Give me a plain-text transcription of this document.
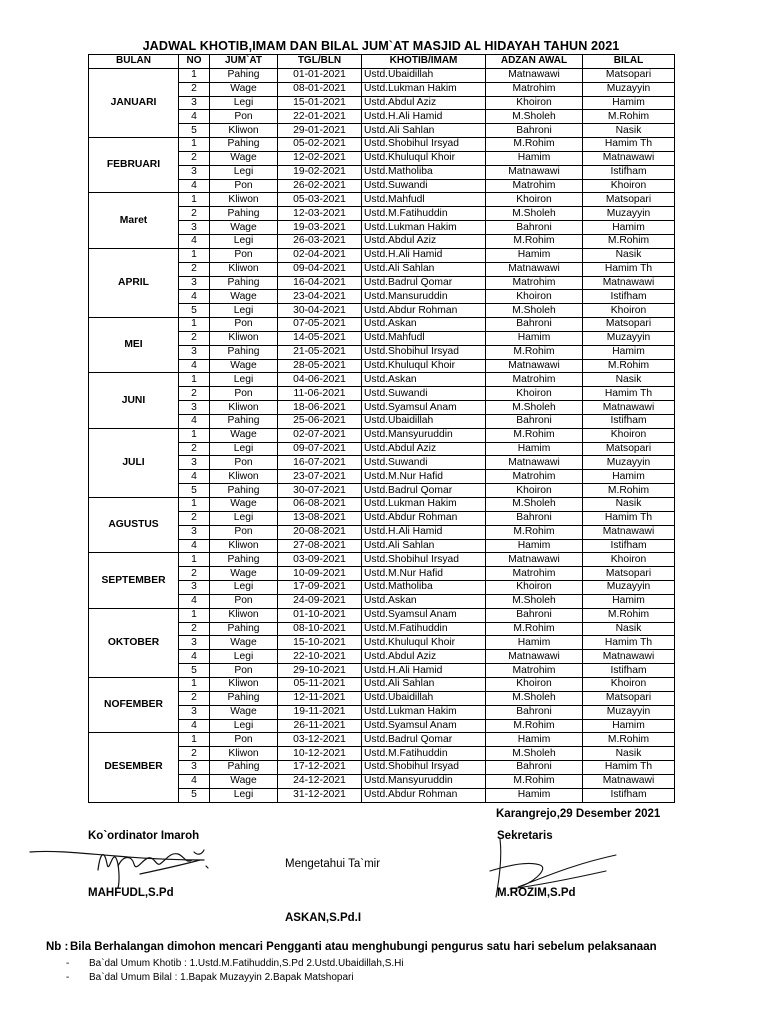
JADWAL KHOTIB,IMAM DAN BILAL JUM`AT MASJID AL HIDAYAH TAHUN 2021
BULAN	NO	JUM`AT	TGL/BLN	KHOTIB/IMAM	ADZAN AWAL	BILAL
JANUARI	1	Pahing	01-01-2021	Ustd.Ubaidillah	Matnawawi	Matsopari
	2	Wage	08-01-2021	Ustd.Lukman Hakim	Matrohim	Muzayyin
	3	Legi	15-01-2021	Ustd.Abdul Aziz	Khoiron	Hamim
	4	Pon	22-01-2021	Ustd.H.Ali Hamid	M.Sholeh	M.Rohim
	5	Kliwon	29-01-2021	Ustd.Ali Sahlan	Bahroni	Nasik
FEBRUARI	1	Pahing	05-02-2021	Ustd.Shobihul Irsyad	M.Rohim	Hamim Th
	2	Wage	12-02-2021	Ustd.Khuluqul Khoir	Hamim	Matnawawi
	3	Legi	19-02-2021	Ustd.Matholiba	Matnawawi	Istifham
	4	Pon	26-02-2021	Ustd.Suwandi	Matrohim	Khoiron
Maret	1	Kliwon	05-03-2021	Ustd.Mahfudl	Khoiron	Matsopari
	2	Pahing	12-03-2021	Ustd.M.Fatihuddin	M.Sholeh	Muzayyin
	3	Wage	19-03-2021	Ustd.Lukman Hakim	Bahroni	Hamim
	4	Legi	26-03-2021	Ustd.Abdul Aziz	M.Rohim	M.Rohim
APRIL	1	Pon	02-04-2021	Ustd.H.Ali Hamid	Hamim	Nasik
	2	Kliwon	09-04-2021	Ustd.Ali Sahlan	Matnawawi	Hamim Th
	3	Pahing	16-04-2021	Ustd.Badrul Qomar	Matrohim	Matnawawi
	4	Wage	23-04-2021	Ustd.Mansuruddin	Khoiron	Istifham
	5	Legi	30-04-2021	Ustd.Abdur Rohman	M.Sholeh	Khoiron
MEI	1	Pon	07-05-2021	Ustd.Askan	Bahroni	Matsopari
	2	Kliwon	14-05-2021	Ustd.Mahfudl	Hamim	Muzayyin
	3	Pahing	21-05-2021	Ustd.Shobihul Irsyad	M.Rohim	Hamim
	4	Wage	28-05-2021	Ustd.Khuluqul Khoir	Matnawawi	M.Rohim
JUNI	1	Legi	04-06-2021	Ustd.Askan	Matrohim	Nasik
	2	Pon	11-06-2021	Ustd.Suwandi	Khoiron	Hamim Th
	3	Kliwon	18-06-2021	Ustd.Syamsul Anam	M.Sholeh	Matnawawi
	4	Pahing	25-06-2021	Ustd.Ubaidillah	Bahroni	Istifham
JULI	1	Wage	02-07-2021	Ustd.Mansyuruddin	M.Rohim	Khoiron
	2	Legi	09-07-2021	Ustd.Abdul Aziz	Hamim	Matsopari
	3	Pon	16-07-2021	Ustd.Suwandi	Matnawawi	Muzayyin
	4	Kliwon	23-07-2021	Ustd.M.Nur Hafid	Matrohim	Hamim
	5	Pahing	30-07-2021	Ustd.Badrul Qomar	Khoiron	M.Rohim
AGUSTUS	1	Wage	06-08-2021	Ustd.Lukman Hakim	M.Sholeh	Nasik
	2	Legi	13-08-2021	Ustd.Abdur Rohman	Bahroni	Hamim Th
	3	Pon	20-08-2021	Ustd.H.Ali Hamid	M.Rohim	Matnawawi
	4	Kliwon	27-08-2021	Ustd.Ali Sahlan	Hamim	Istifham
SEPTEMBER	1	Pahing	03-09-2021	Ustd.Shobihul Irsyad	Matnawawi	Khoiron
	2	Wage	10-09-2021	Ustd.M.Nur Hafid	Matrohim	Matsopari
	3	Legi	17-09-2021	Ustd.Matholiba	Khoiron	Muzayyin
	4	Pon	24-09-2021	Ustd.Askan	M.Sholeh	Hamim
OKTOBER	1	Kliwon	01-10-2021	Ustd.Syamsul Anam	Bahroni	M.Rohim
	2	Pahing	08-10-2021	Ustd.M.Fatihuddin	M.Rohim	Nasik
	3	Wage	15-10-2021	Ustd.Khuluqul Khoir	Hamim	Hamim Th
	4	Legi	22-10-2021	Ustd.Abdul Aziz	Matnawawi	Matnawawi
	5	Pon	29-10-2021	Ustd.H.Ali Hamid	Matrohim	Istifham
NOFEMBER	1	Kliwon	05-11-2021	Ustd.Ali Sahlan	Khoiron	Khoiron
	2	Pahing	12-11-2021	Ustd.Ubaidillah	M.Sholeh	Matsopari
	3	Wage	19-11-2021	Ustd.Lukman Hakim	Bahroni	Muzayyin
	4	Legi	26-11-2021	Ustd.Syamsul Anam	M.Rohim	Hamim
DESEMBER	1	Pon	03-12-2021	Ustd.Badrul Qomar	Hamim	M.Rohim
	2	Kliwon	10-12-2021	Ustd.M.Fatihuddin	M.Sholeh	Nasik
	3	Pahing	17-12-2021	Ustd.Shobihul Irsyad	Bahroni	Hamim Th
	4	Wage	24-12-2021	Ustd.Mansyuruddin	M.Rohim	Matnawawi
	5	Legi	31-12-2021	Ustd.Abdur Rohman	Hamim	Istifham
Karangrejo,29 Desember 2021
Ko`ordinator Imaroh
MAHFUDL,S.Pd
Mengetahui Ta`mir
ASKAN,S.Pd.I
Sekretaris
M.ROZIM,S.Pd
Nb : Bila Berhalangan dimohon mencari Pengganti atau menghubungi pengurus satu hari sebelum pelaksanaan
- Ba`dal Umum Khotib : 1.Ustd.M.Fatihuddin,S.Pd 2.Ustd.Ubaidillah,S.Hi
- Ba`dal Umum Bilal : 1.Bapak Muzayyin 2.Bapak Matshopari
